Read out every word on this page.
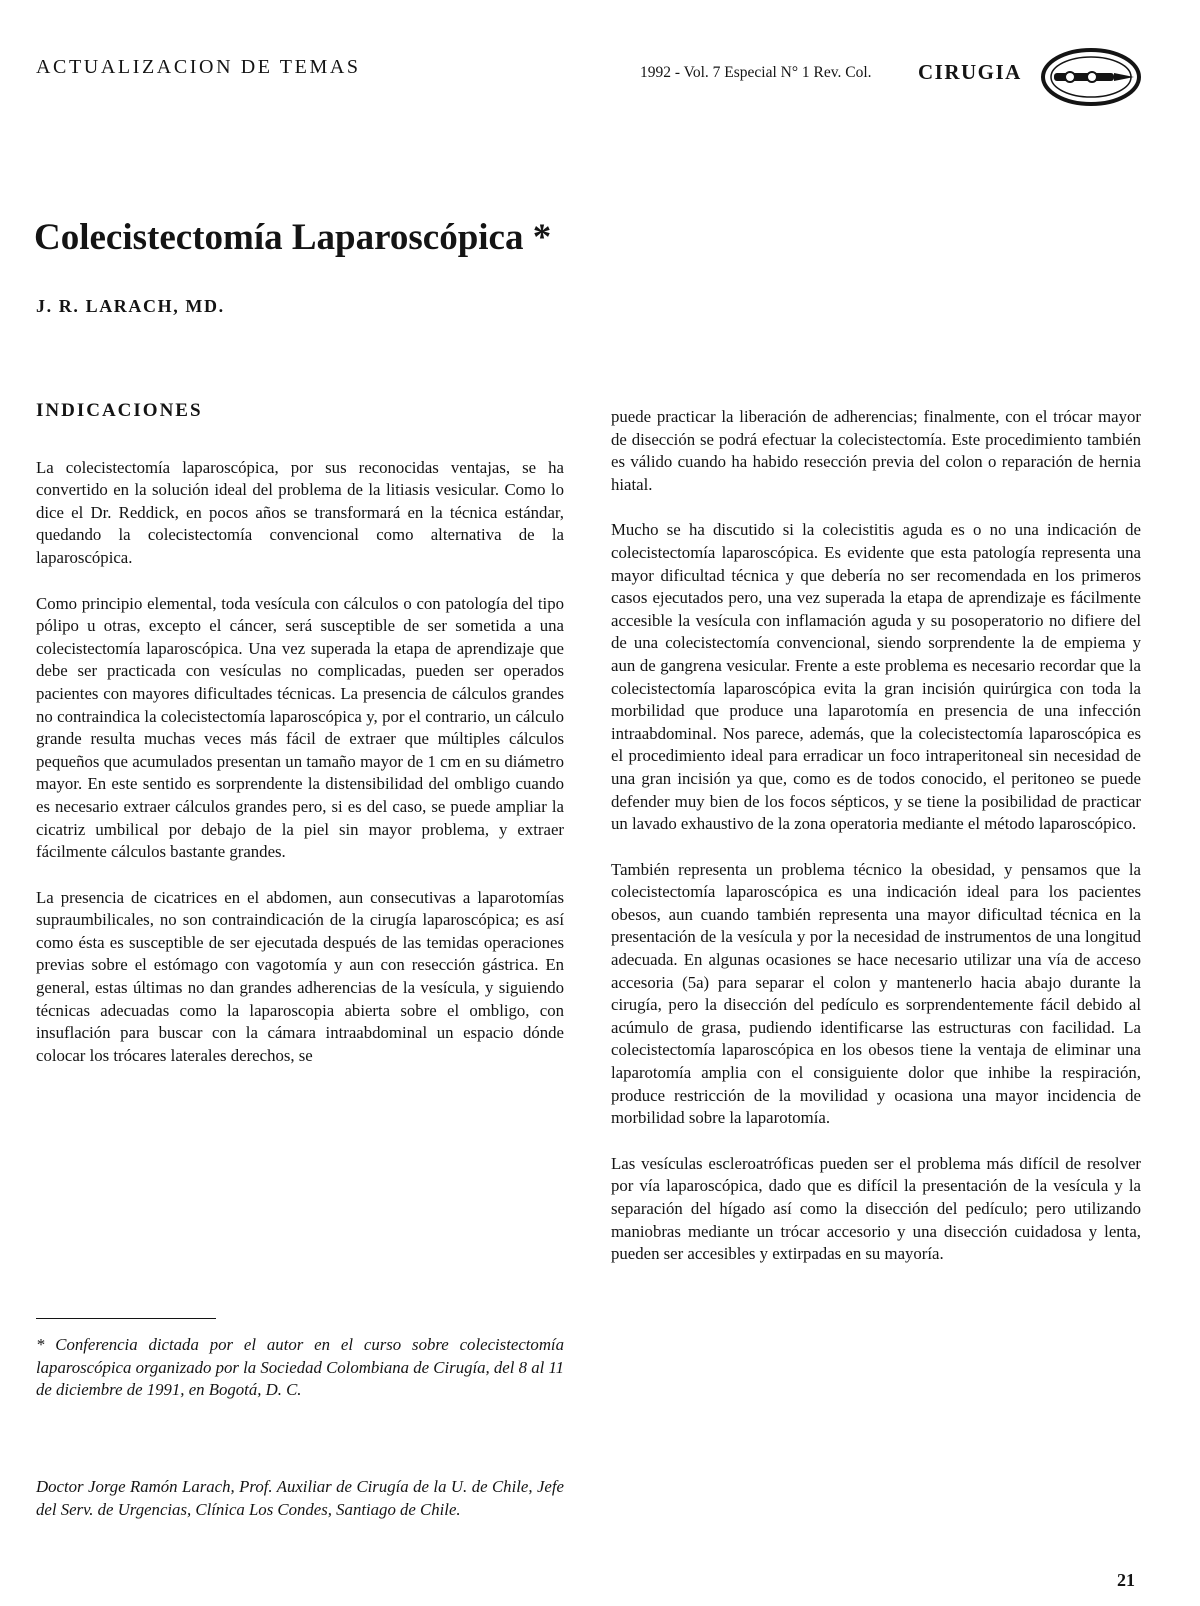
ACTUALIZACION DE TEMAS	1992 - Vol. 7 Especial N° 1 Rev. Col. CIRUGIA
Colecistectomía Laparoscópica *
J. R. LARACH, MD.
INDICACIONES

La colecistectomía laparoscópica, por sus reconocidas ventajas, se ha convertido en la solución ideal del problema de la litiasis vesicular. Como lo dice el Dr. Reddick, en pocos años se transformará en la técnica estándar, quedando la colecistectomía convencional como alternativa de la laparoscópica.

Como principio elemental, toda vesícula con cálculos o con patología del tipo pólipo u otras, excepto el cáncer, será susceptible de ser sometida a una colecistectomía laparoscópica. Una vez superada la etapa de aprendizaje que debe ser practicada con vesículas no complicadas, pueden ser operados pacientes con mayores dificultades técnicas. La presencia de cálculos grandes no contraindica la colecistectomía laparoscópica y, por el contrario, un cálculo grande resulta muchas veces más fácil de extraer que múltiples cálculos pequeños que acumulados presentan un tamaño mayor de 1 cm en su diámetro mayor. En este sentido es sorprendente la distensibilidad del ombligo cuando es necesario extraer cálculos grandes pero, si es del caso, se puede ampliar la cicatriz umbilical por debajo de la piel sin mayor problema, y extraer fácilmente cálculos bastante grandes.

La presencia de cicatrices en el abdomen, aun consecutivas a laparotomías supraumbilicales, no son contraindicación de la cirugía laparoscópica; es así como ésta es susceptible de ser ejecutada después de las temidas operaciones previas sobre el estómago con vagotomía y aun con resección gástrica. En general, estas últimas no dan grandes adherencias de la vesícula, y siguiendo técnicas adecuadas como la laparoscopia abierta sobre el ombligo, con insuflación para buscar con la cámara intraabdominal un espacio dónde colocar los trócares laterales derechos, se

puede practicar la liberación de adherencias; finalmente, con el trócar mayor de disección se podrá efectuar la colecistectomía. Este procedimiento también es válido cuando ha habido resección previa del colon o reparación de hernia hiatal.

Mucho se ha discutido si la colecistitis aguda es o no una indicación de colecistectomía laparoscópica. Es evidente que esta patología representa una mayor dificultad técnica y que debería no ser recomendada en los primeros casos ejecutados pero, una vez superada la etapa de aprendizaje es fácilmente accesible la vesícula con inflamación aguda y su posoperatorio no difiere del de una colecistectomía convencional, siendo sorprendente la de empiema y aun de gangrena vesicular. Frente a este problema es necesario recordar que la colecistectomía laparoscópica evita la gran incisión quirúrgica con toda la morbilidad que produce una laparotomía en presencia de una infección intraabdominal. Nos parece, además, que la colecistectomía laparoscópica es el procedimiento ideal para erradicar un foco intraperitoneal sin necesidad de una gran incisión ya que, como es de todos conocido, el peritoneo se puede defender muy bien de los focos sépticos, y se tiene la posibilidad de practicar un lavado exhaustivo de la zona operatoria mediante el método laparoscópico.

También representa un problema técnico la obesidad, y pensamos que la colecistectomía laparoscópica es una indicación ideal para los pacientes obesos, aun cuando también representa una mayor dificultad técnica en la presentación de la vesícula y por la necesidad de instrumentos de una longitud adecuada. En algunas ocasiones se hace necesario utilizar una vía de acceso accesoria (5a) para separar el colon y mantenerlo hacia abajo durante la cirugía, pero la disección del pedículo es sorprendentemente fácil debido al acúmulo de grasa, pudiendo identificarse las estructuras con facilidad. La colecistectomía laparoscópica en los obesos tiene la ventaja de eliminar una laparotomía amplia con el consiguiente dolor que inhibe la respiración, produce restricción de la movilidad y ocasiona una mayor incidencia de morbilidad sobre la laparotomía.

Las vesículas escleroatróficas pueden ser el problema más difícil de resolver por vía laparoscópica, dado que es difícil la presentación de la vesícula y la separación del hígado así como la disección del pedículo; pero utilizando maniobras mediante un trócar accesorio y una disección cuidadosa y lenta, pueden ser accesibles y extirpadas en su mayoría.

* Conferencia dictada por el autor en el curso sobre colecistectomía laparoscópica organizado por la Sociedad Colombiana de Cirugía, del 8 al 11 de diciembre de 1991, en Bogotá, D. C.
Doctor Jorge Ramón Larach, Prof. Auxiliar de Cirugía de la U. de Chile, Jefe del Serv. de Urgencias, Clínica Los Condes, Santiago de Chile.
21
